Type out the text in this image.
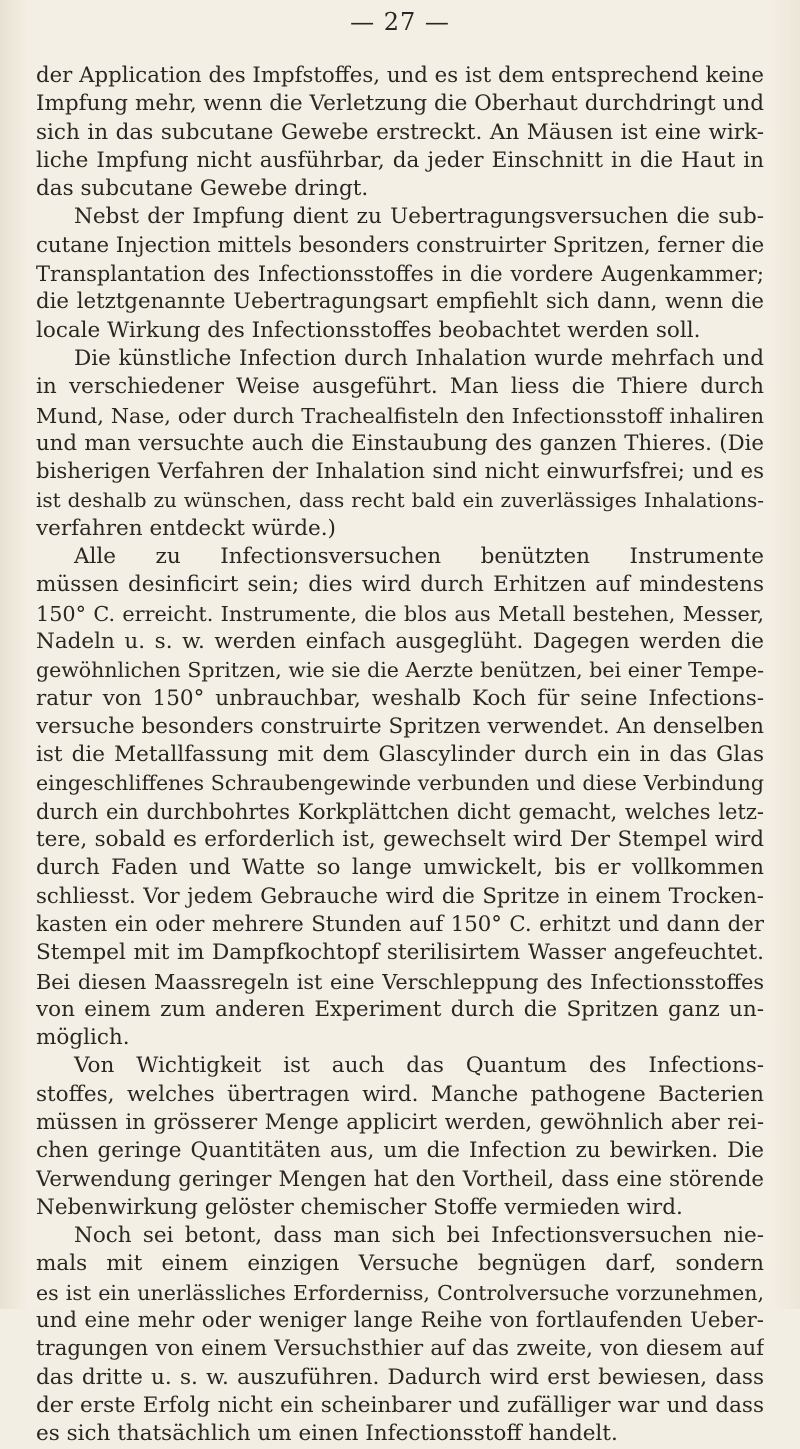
— 27 —
der Application des Impfstoffes, und es ist dem entsprechend keine
Impfung mehr, wenn die Verletzung die Oberhaut durchdringt und
sich in das subcutane Gewebe erstreckt. An Mäusen ist eine wirk-
liche Impfung nicht ausführbar, da jeder Einschnitt in die Haut in
das subcutane Gewebe dringt.
Nebst der Impfung dient zu Uebertragungsversuchen die sub-
cutane Injection mittels besonders construirter Spritzen, ferner die
Transplantation des Infectionsstoffes in die vordere Augenkammer;
die letztgenannte Uebertragungsart empfiehlt sich dann, wenn die
locale Wirkung des Infectionsstoffes beobachtet werden soll.
Die künstliche Infection durch Inhalation wurde mehrfach und
in verschiedener Weise ausgeführt. Man liess die Thiere durch
Mund, Nase, oder durch Trachealfisteln den Infectionsstoff inhaliren
und man versuchte auch die Einstaubung des ganzen Thieres. (Die
bisherigen Verfahren der Inhalation sind nicht einwurfsfrei; und es
ist deshalb zu wünschen, dass recht bald ein zuverlässiges Inhalations-
verfahren entdeckt würde.)
Alle zu Infectionsversuchen benützten Instrumente
müssen desinficirt sein; dies wird durch Erhitzen auf mindestens
150° C. erreicht. Instrumente, die blos aus Metall bestehen, Messer,
Nadeln u. s. w. werden einfach ausgeglüht. Dagegen werden die
gewöhnlichen Spritzen, wie sie die Aerzte benützen, bei einer Tempe-
ratur von 150° unbrauchbar, weshalb Koch für seine Infections-
versuche besonders construirte Spritzen verwendet. An denselben
ist die Metallfassung mit dem Glascylinder durch ein in das Glas
eingeschliffenes Schraubengewinde verbunden und diese Verbindung
durch ein durchbohrtes Korkplättchen dicht gemacht, welches letz-
tere, sobald es erforderlich ist, gewechselt wird Der Stempel wird
durch Faden und Watte so lange umwickelt, bis er vollkommen
schliesst. Vor jedem Gebrauche wird die Spritze in einem Trocken-
kasten ein oder mehrere Stunden auf 150° C. erhitzt und dann der
Stempel mit im Dampfkochtopf sterilisirtem Wasser angefeuchtet.
Bei diesen Maassregeln ist eine Verschleppung des Infectionsstoffes
von einem zum anderen Experiment durch die Spritzen ganz un-
möglich.
Von Wichtigkeit ist auch das Quantum des Infections-
stoffes, welches übertragen wird. Manche pathogene Bacterien
müssen in grösserer Menge applicirt werden, gewöhnlich aber rei-
chen geringe Quantitäten aus, um die Infection zu bewirken. Die
Verwendung geringer Mengen hat den Vortheil, dass eine störende
Nebenwirkung gelöster chemischer Stoffe vermieden wird.
Noch sei betont, dass man sich bei Infectionsversuchen nie-
mals mit einem einzigen Versuche begnügen darf, sondern
es ist ein unerlässliches Erforderniss, Controlversuche vorzunehmen,
und eine mehr oder weniger lange Reihe von fortlaufenden Ueber-
tragungen von einem Versuchsthier auf das zweite, von diesem auf
das dritte u. s. w. auszuführen. Dadurch wird erst bewiesen, dass
der erste Erfolg nicht ein scheinbarer und zufälliger war und dass
es sich thatsächlich um einen Infectionsstoff handelt.
